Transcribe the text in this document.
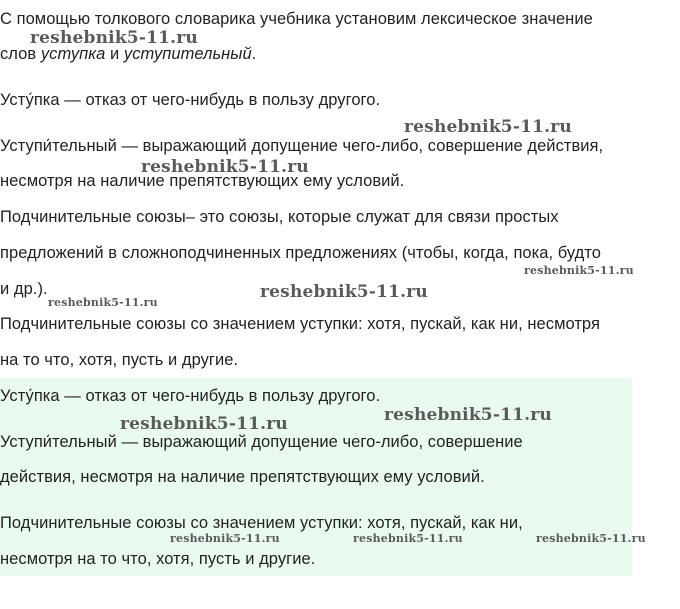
С помощью толкового словарика учебника установим лексическое значение
слов уступка и уступительный.
Усту́пка — отказ от чего-нибудь в пользу другого.
Уступи́тельный — выражающий допущение чего-либо, совершение действия,
несмотря на наличие препятствующих ему условий.
Подчинительные союзы– это союзы, которые служат для связи простых
предложений в сложноподчиненных предложениях (чтобы, когда, пока, будто
и др.).
Подчинительные союзы со значением уступки: хотя, пускай, как ни, несмотря
на то что, хотя, пусть и другие.
Усту́пка — отказ от чего-нибудь в пользу другого.
Уступи́тельный — выражающий допущение чего-либо, совершение
действия, несмотря на наличие препятствующих ему условий.
Подчинительные союзы со значением уступки: хотя, пускай, как ни,
несмотря на то что, хотя, пусть и другие.
reshebnik5-11.ru
reshebnik5-11.ru
reshebnik5-11.ru
reshebnik5-11.ru
reshebnik5-11.ru
reshebnik5-11.ru
reshebnik5-11.ru
reshebnik5-11.ru
reshebnik5-11.ru	reshebnik5-11.ru	reshebnik5-11.ru
